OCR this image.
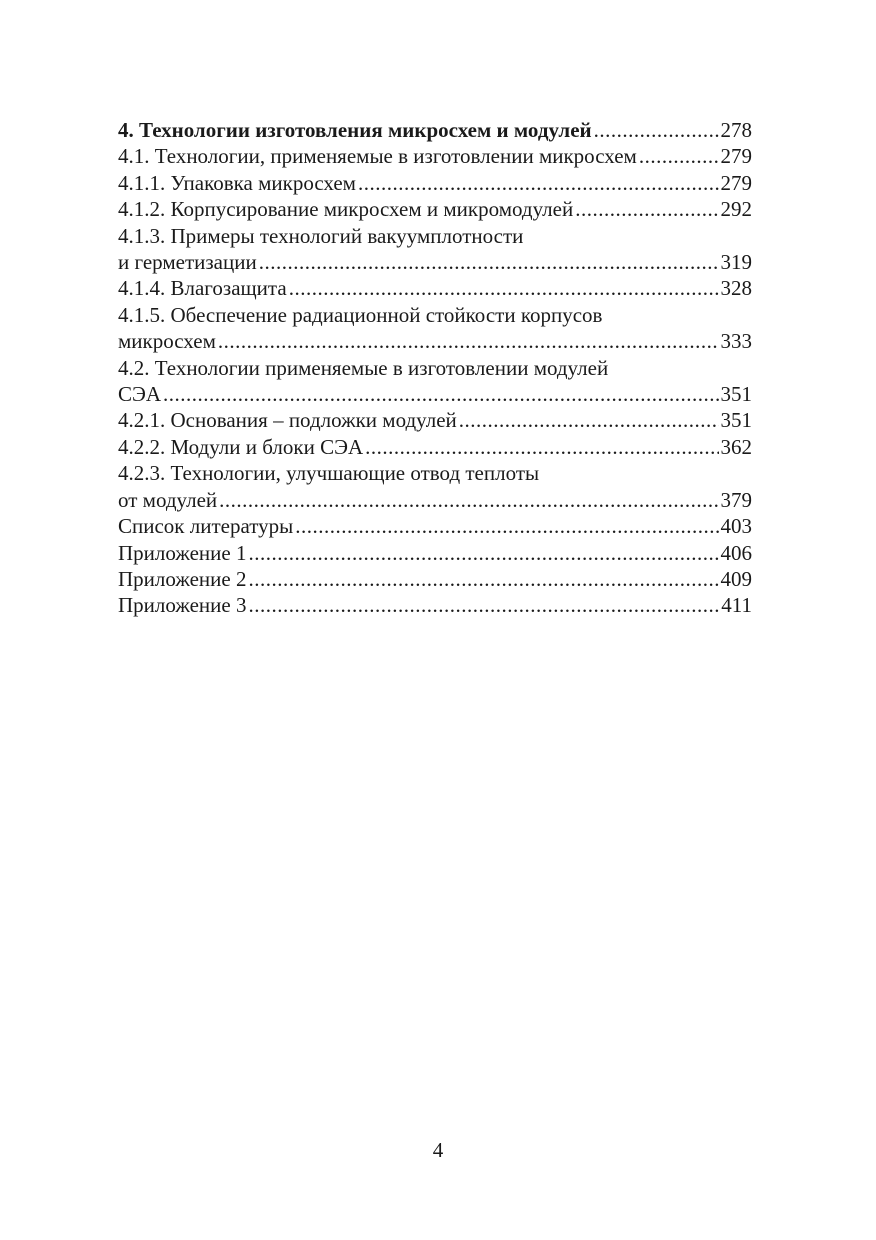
4. Технологии изготовления микросхем и модулей .....	278
4.1. Технологии, применяемые в изготовлении микросхем .....	279
4.1.1. Упаковка микросхем .....	279
4.1.2. Корпусирование микросхем и микромодулей .....	292
4.1.3. Примеры технологий вакуумплотности
и герметизации .....	319
4.1.4. Влагозащита .....	328
4.1.5. Обеспечение радиационной стойкости корпусов
микросхем .....	333
4.2. Технологии применяемые в изготовлении модулей
СЭА .....	351
4.2.1. Основания – подложки модулей .....	351
4.2.2. Модули и блоки СЭА .....	362
4.2.3. Технологии, улучшающие отвод теплоты
от модулей .....	379
Список литературы .....	403
Приложение 1 .....	406
Приложение 2 .....	409
Приложение 3 .....	411
4
